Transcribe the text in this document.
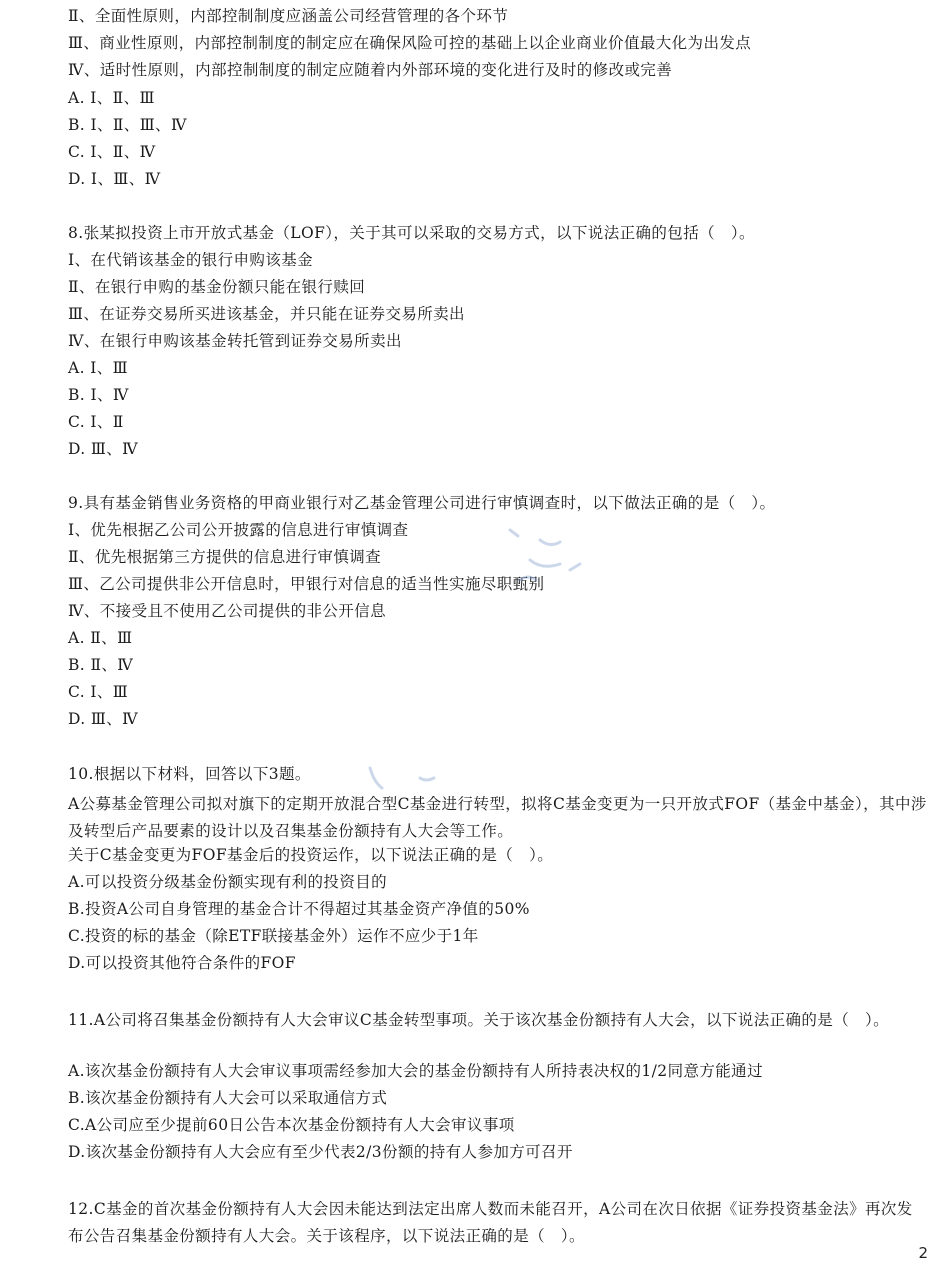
Ⅱ、全面性原则，内部控制制度应涵盖公司经营管理的各个环节
Ⅲ、商业性原则，内部控制制度的制定应在确保风险可控的基础上以企业商业价值最大化为出发点
Ⅳ、适时性原则，内部控制制度的制定应随着内外部环境的变化进行及时的修改或完善
A. Ⅰ、Ⅱ、Ⅲ
B. Ⅰ、Ⅱ、Ⅲ、Ⅳ
C. Ⅰ、Ⅱ、Ⅳ
D. Ⅰ、Ⅲ、Ⅳ
8.张某拟投资上市开放式基金（LOF），关于其可以采取的交易方式，以下说法正确的包括（　）。
Ⅰ、在代销该基金的银行申购该基金
Ⅱ、在银行申购的基金份额只能在银行赎回
Ⅲ、在证券交易所买进该基金，并只能在证券交易所卖出
Ⅳ、在银行申购该基金转托管到证券交易所卖出
A. Ⅰ、Ⅲ
B. Ⅰ、Ⅳ
C. Ⅰ、Ⅱ
D. Ⅲ、Ⅳ
9.具有基金销售业务资格的甲商业银行对乙基金管理公司进行审慎调查时，以下做法正确的是（　）。
Ⅰ、优先根据乙公司公开披露的信息进行审慎调查
Ⅱ、优先根据第三方提供的信息进行审慎调查
Ⅲ、乙公司提供非公开信息时，甲银行对信息的适当性实施尽职甄别
Ⅳ、不接受且不使用乙公司提供的非公开信息
A. Ⅱ、Ⅲ
B. Ⅱ、Ⅳ
C. Ⅰ、Ⅲ
D. Ⅲ、Ⅳ
10.根据以下材料，回答以下3题。
A公募基金管理公司拟对旗下的定期开放混合型C基金进行转型，拟将C基金变更为一只开放式FOF（基金中基金），其中涉及转型后产品要素的设计以及召集基金份额持有人大会等工作。
关于C基金变更为FOF基金后的投资运作，以下说法正确的是（　）。
A.可以投资分级基金份额实现有利的投资目的
B.投资A公司自身管理的基金合计不得超过其基金资产净值的50%
C.投资的标的基金（除ETF联接基金外）运作不应少于1年
D.可以投资其他符合条件的FOF
11.A公司将召集基金份额持有人大会审议C基金转型事项。关于该次基金份额持有人大会，以下说法正确的是（　）。
A.该次基金份额持有人大会审议事项需经参加大会的基金份额持有人所持表决权的1/2同意方能通过
B.该次基金份额持有人大会可以采取通信方式
C.A公司应至少提前60日公告本次基金份额持有人大会审议事项
D.该次基金份额持有人大会应有至少代表2/3份额的持有人参加方可召开
12.C基金的首次基金份额持有人大会因未能达到法定出席人数而未能召开，A公司在次日依据《证券投资基金法》再次发布公告召集基金份额持有人大会。关于该程序，以下说法正确的是（　）。
2
